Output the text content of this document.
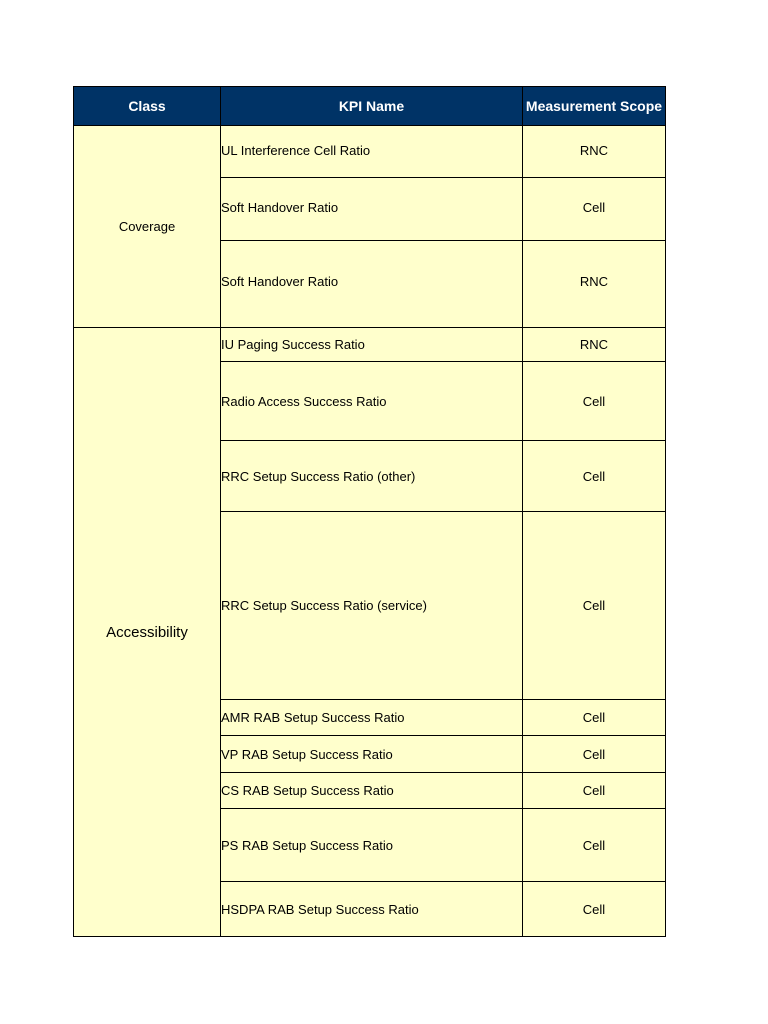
Class	KPI Name	Measurement Scope
Coverage	UL Interference Cell Ratio	RNC
	Soft Handover Ratio	Cell
	Soft Handover Ratio	RNC
Accessibility	IU Paging Success Ratio	RNC
	Radio Access Success Ratio	Cell
	RRC Setup Success Ratio (other)	Cell
	RRC Setup Success Ratio (service)	Cell
	AMR RAB Setup Success Ratio	Cell
	VP RAB Setup Success Ratio	Cell
	CS RAB Setup Success Ratio	Cell
	PS RAB Setup Success Ratio	Cell
	HSDPA RAB Setup Success Ratio	Cell
